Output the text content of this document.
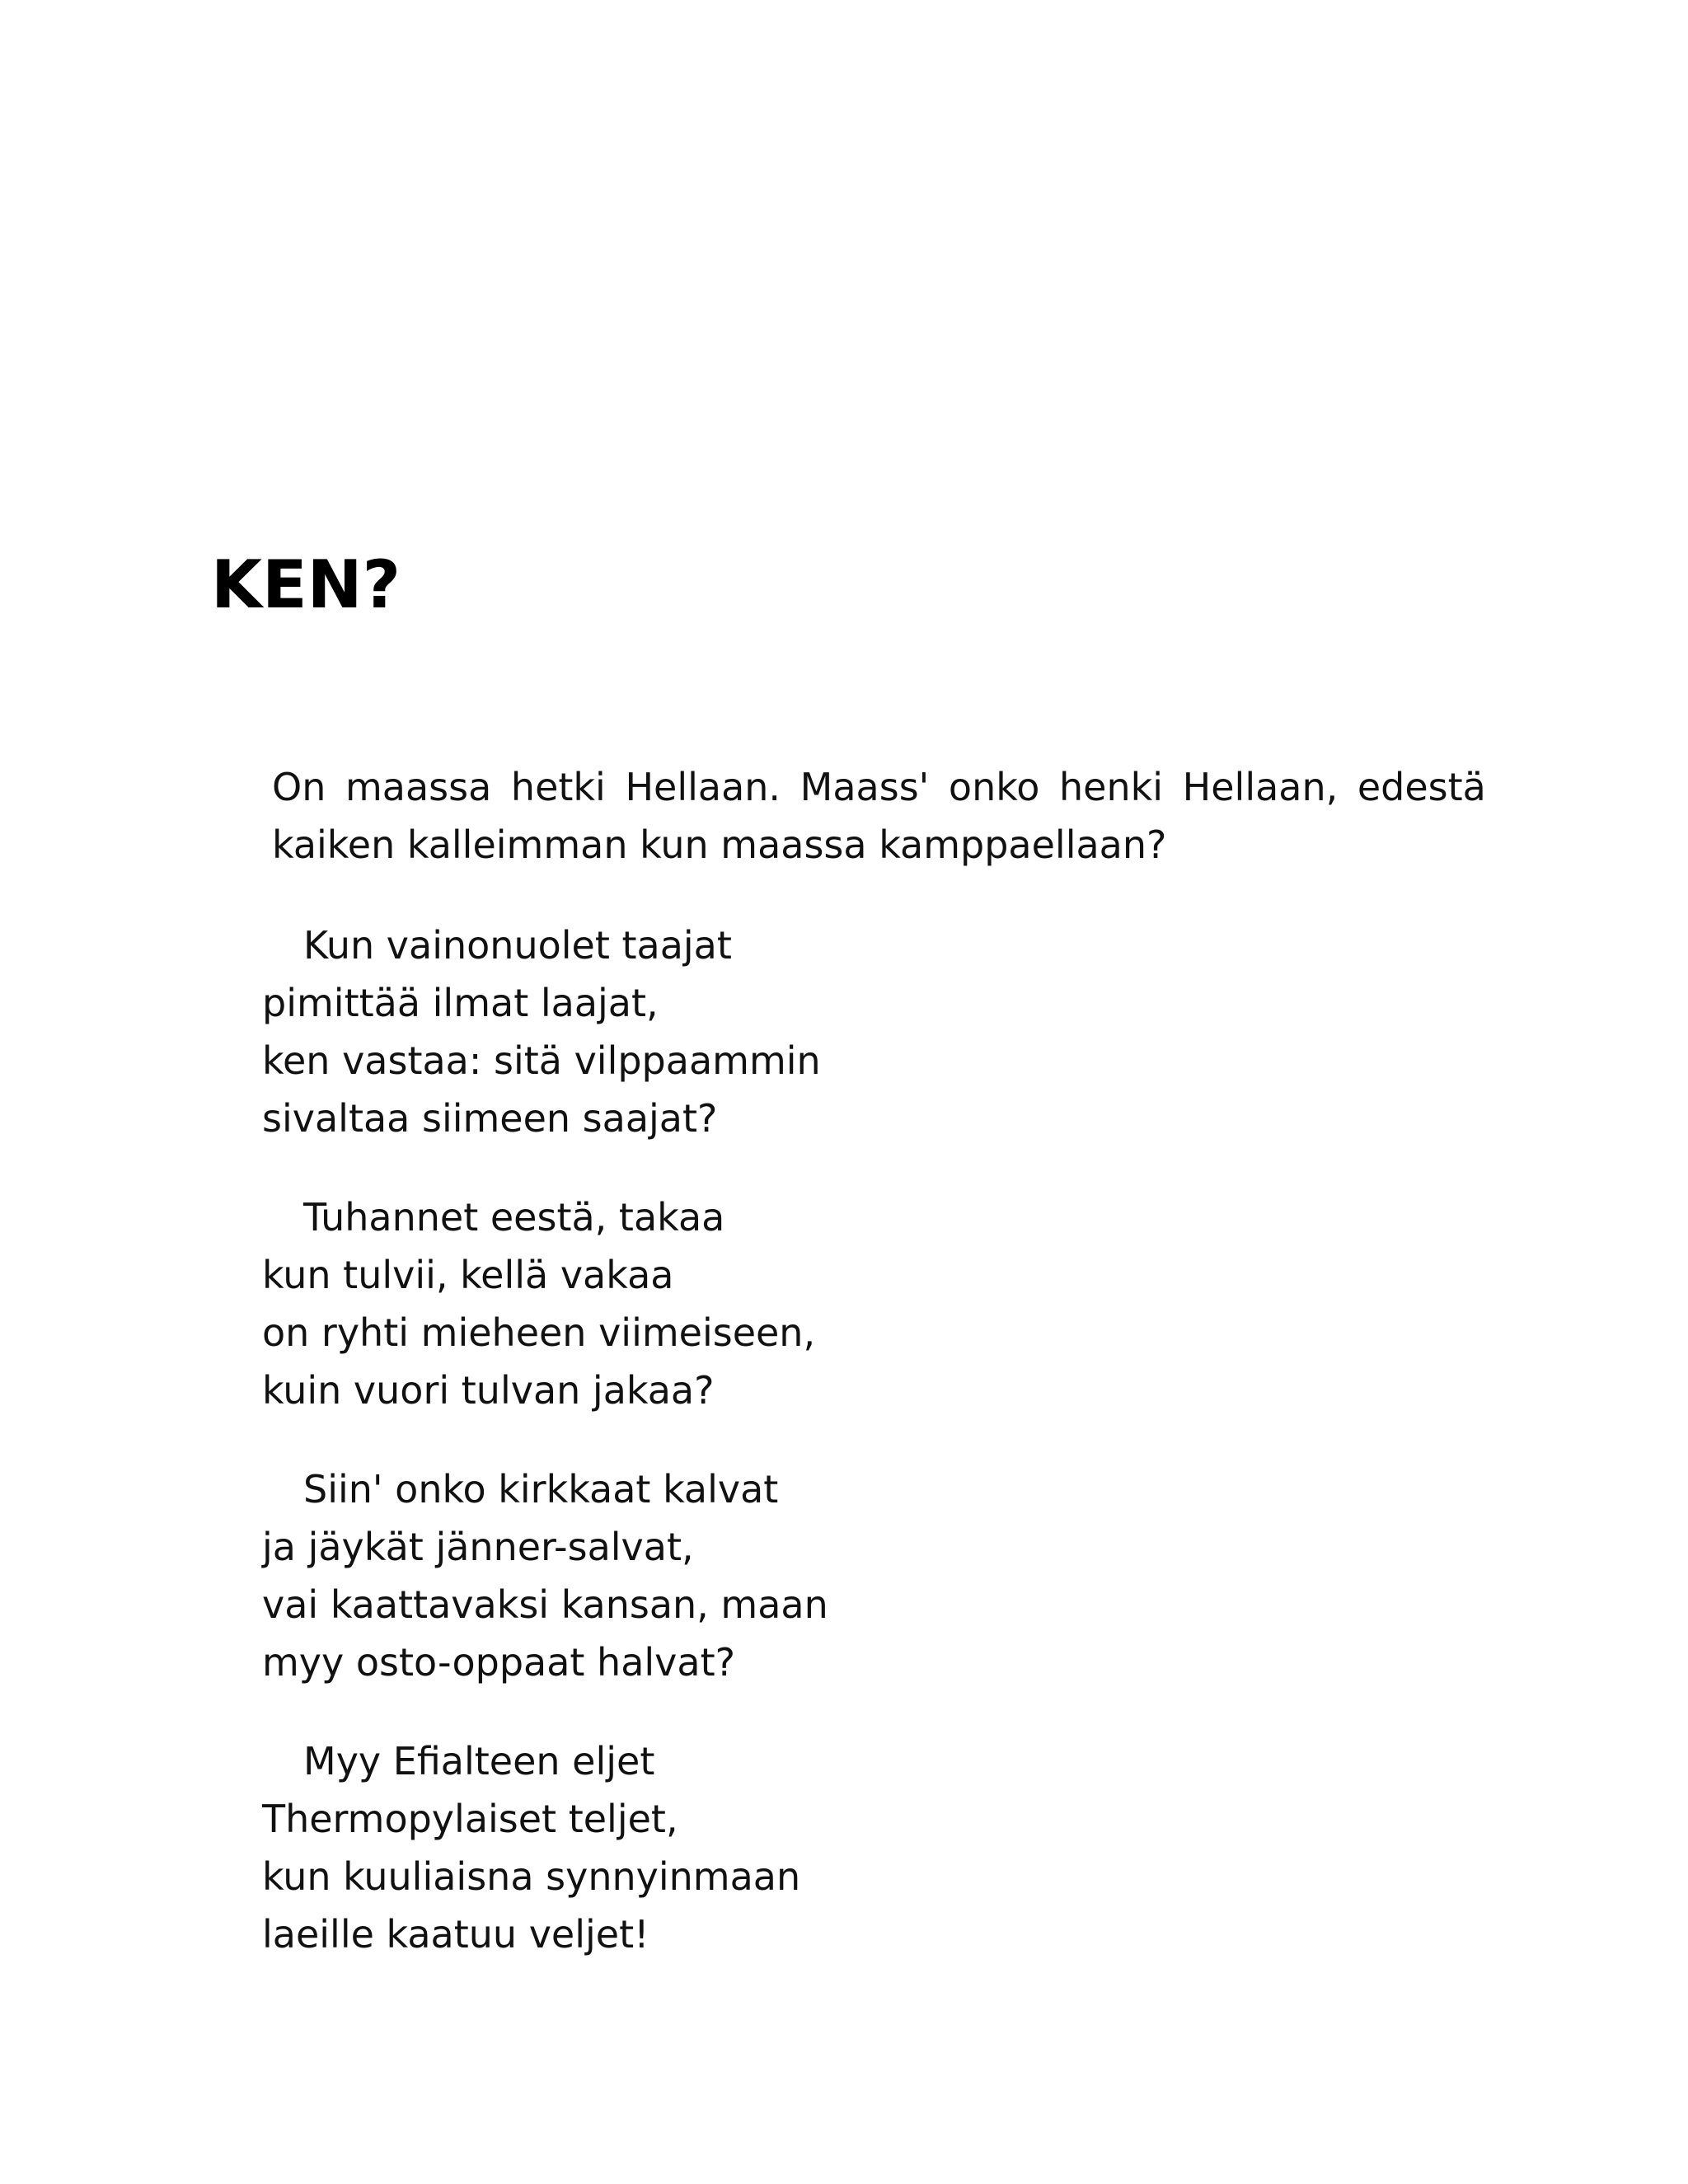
KEN?
On maassa hetki Hellaan. Maass' onko henki Hellaan, edestä
kaiken kalleimman kun maassa kamppaellaan?
Kun vainonuolet taajat
pimittää ilmat laajat,
ken vastaa: sitä vilppaammin
sivaltaa siimeen saajat?
Tuhannet eestä, takaa
kun tulvii, kellä vakaa
on ryhti mieheen viimeiseen,
kuin vuori tulvan jakaa?
Siin' onko kirkkaat kalvat
ja jäykät jänner-salvat,
vai kaattavaksi kansan, maan
myy osto-oppaat halvat?
Myy Efialteen eljet
Thermopylaiset teljet,
kun kuuliaisna synnyinmaan
laeille kaatuu veljet!
